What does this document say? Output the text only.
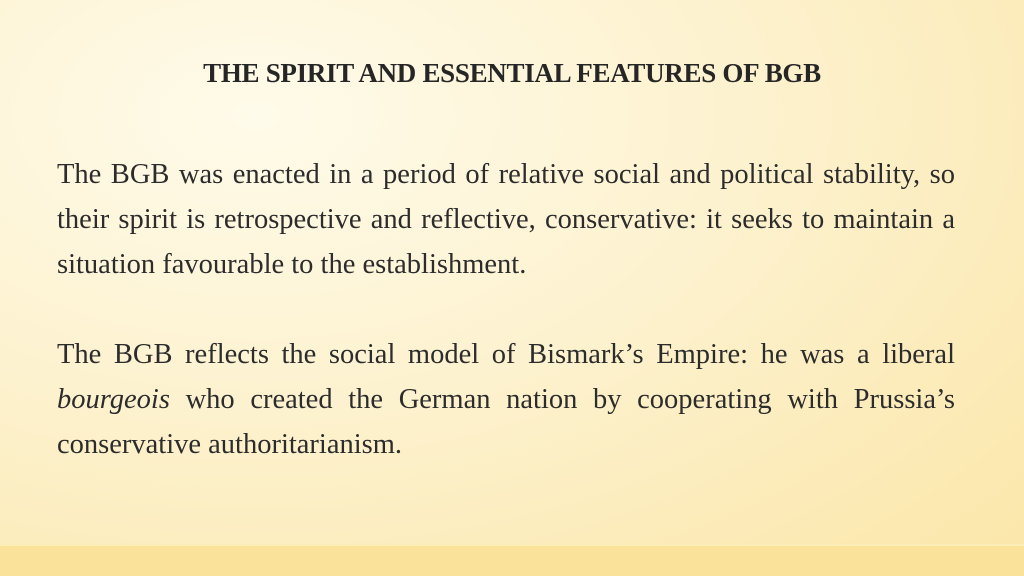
THE SPIRIT AND ESSENTIAL FEATURES OF BGB

The BGB was enacted in a period of relative social and political stability, so their spirit is retrospective and reflective, conservative: it seeks to maintain a situation favourable to the establishment.

The BGB reflects the social model of Bismark’s Empire: he was a liberal bourgeois who created the German nation by cooperating with Prussia’s conservative authoritarianism.
